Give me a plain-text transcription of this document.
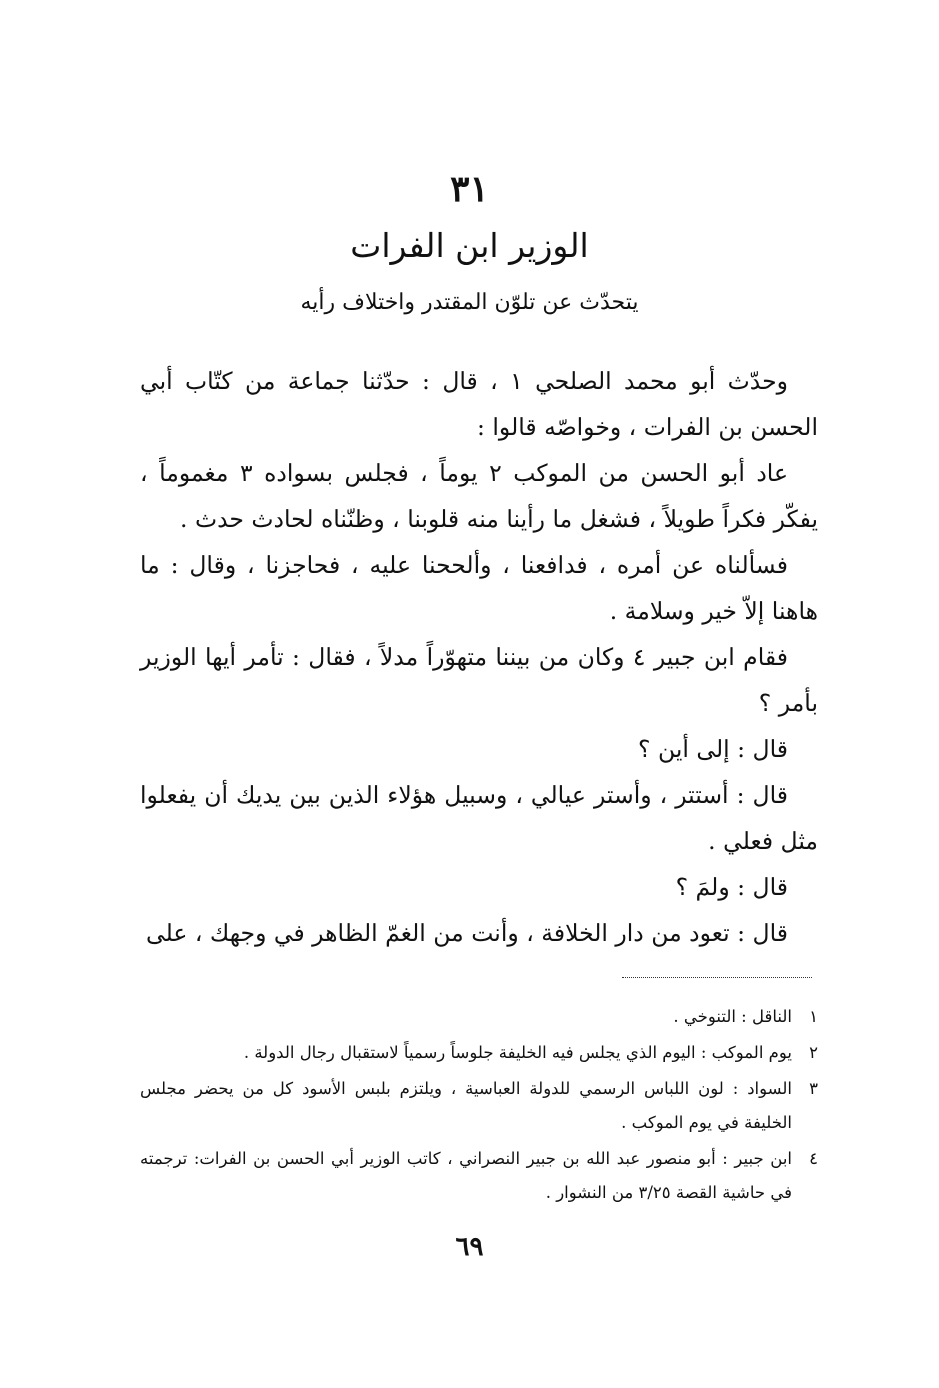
٣١
الوزير ابن الفرات
يتحدّث عن تلوّن المقتدر واختلاف رأيه

وحدّث أبو محمد الصلحي ١ ، قال : حدّثنا جماعة من كتّاب أبي الحسن بن الفرات ، وخواصّه قالوا :

عاد أبو الحسن من الموكب ٢ يوماً ، فجلس بسواده ٣ مغموماً ، يفكّر فكراً طويلاً ، فشغل ما رأينا منه قلوبنا ، وظنّناه لحادث حدث .

فسألناه عن أمره ، فدافعنا ، وألححنا عليه ، فحاجزنا ، وقال : ما هاهنا إلاّ خير وسلامة .

فقام ابن جبير ٤ وكان من بيننا متهوّراً مدلاً ، فقال : تأمر أيها الوزير بأمر ؟

قال : إلى أين ؟

قال : أستتر ، وأستر عيالي ، وسبيل هؤلاء الذين بين يديك أن يفعلوا مثل فعلي .

قال : ولمَ ؟

قال : تعود من دار الخلافة ، وأنت من الغمّ الظاهر في وجهك ، على

١
الناقل : التنوخي .
٢
يوم الموكب : اليوم الذي يجلس فيه الخليفة جلوساً رسمياً لاستقبال رجال الدولة .
٣
السواد : لون اللباس الرسمي للدولة العباسية ، ويلتزم بلبس الأسود كل من يحضر مجلس الخليفة في يوم الموكب .
٤
ابن جبير : أبو منصور عبد الله بن جبير النصراني ، كاتب الوزير أبي الحسن بن الفرات: ترجمته في حاشية القصة ٣/٢٥ من النشوار .
٦٩
